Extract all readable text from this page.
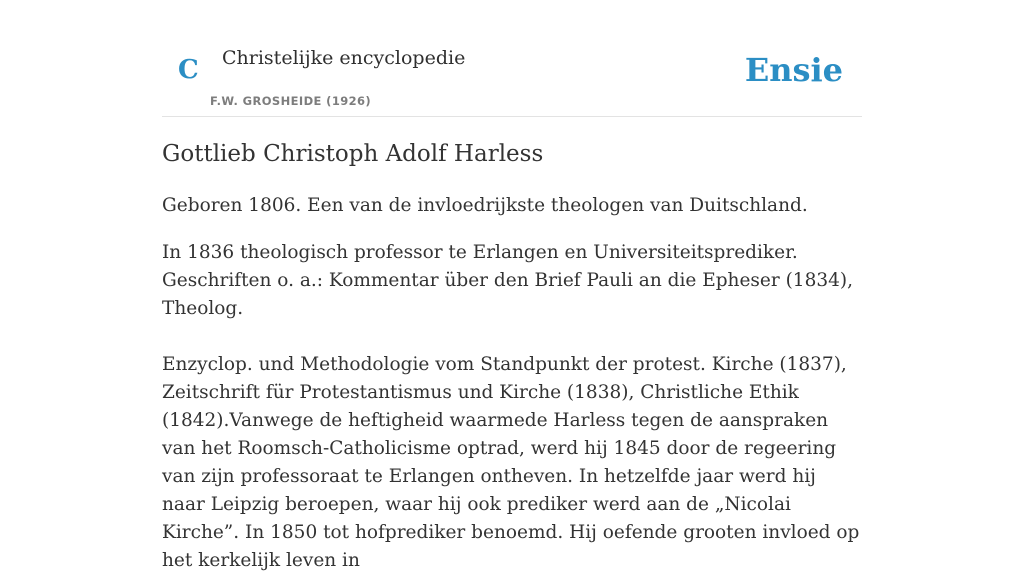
C Christelijke encyclopedie
F.W. GROSHEIDE (1926)
Ensie
Gottlieb Christoph Adolf Harless

Geboren 1806. Een van de invloedrijkste theologen van Duitschland.

In 1836 theologisch professor te Erlangen en Universiteitsprediker. Geschriften o. a.: Kommentar über den Brief Pauli an die Epheser (1834), Theolog.

Enzyclop. und Methodologie vom Standpunkt der protest. Kirche (1837), Zeitschrift für Protestantismus und Kirche (1838), Christliche Ethik (1842).Vanwege de heftigheid waarmede Harless tegen de aanspraken van het Roomsch-Catholicisme optrad, werd hij 1845 door de regeering van zijn professoraat te Erlangen ontheven. In hetzelfde jaar werd hij naar Leipzig beroepen, waar hij ook prediker werd aan de „Nicolai Kirche”. In 1850 tot hofprediker benoemd. Hij oefende grooten invloed op het kerkelijk leven in
